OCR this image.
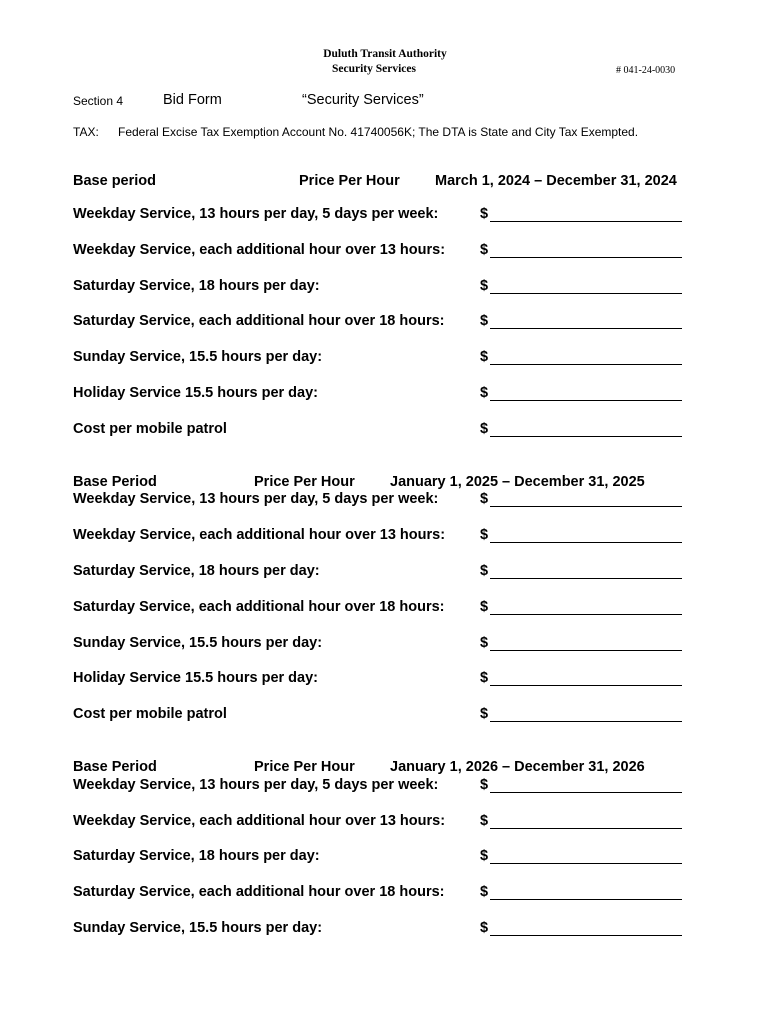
Duluth Transit Authority
Security Services	# 041-24-0030
Section 4	Bid Form	“Security Services”
TAX: Federal Excise Tax Exemption Account No. 41740056K; The DTA is State and City Tax Exempted.
Base period	Price Per Hour March 1, 2024 – December 31, 2024
Weekday Service, 13 hours per day, 5 days per week:	$
Weekday Service, each additional hour over 13 hours: $
Saturday Service, 18 hours per day:	$
Saturday Service, each additional hour over 18 hours: $
Sunday Service, 15.5 hours per day:	$
Holiday Service 15.5 hours per day:	$
Cost per mobile patrol	$
Base Period	Price Per Hour January 1, 2025 – December 31, 2025
Weekday Service, 13 hours per day, 5 days per week:	$
Weekday Service, each additional hour over 13 hours: $
Saturday Service, 18 hours per day:	$
Saturday Service, each additional hour over 18 hours: $
Sunday Service, 15.5 hours per day:	$
Holiday Service 15.5 hours per day:	$
Cost per mobile patrol	$
Base Period	Price Per Hour January 1, 2026 – December 31, 2026
Weekday Service, 13 hours per day, 5 days per week:	$
Weekday Service, each additional hour over 13 hours: $
Saturday Service, 18 hours per day:	$
Saturday Service, each additional hour over 18 hours: $
Sunday Service, 15.5 hours per day:	$
